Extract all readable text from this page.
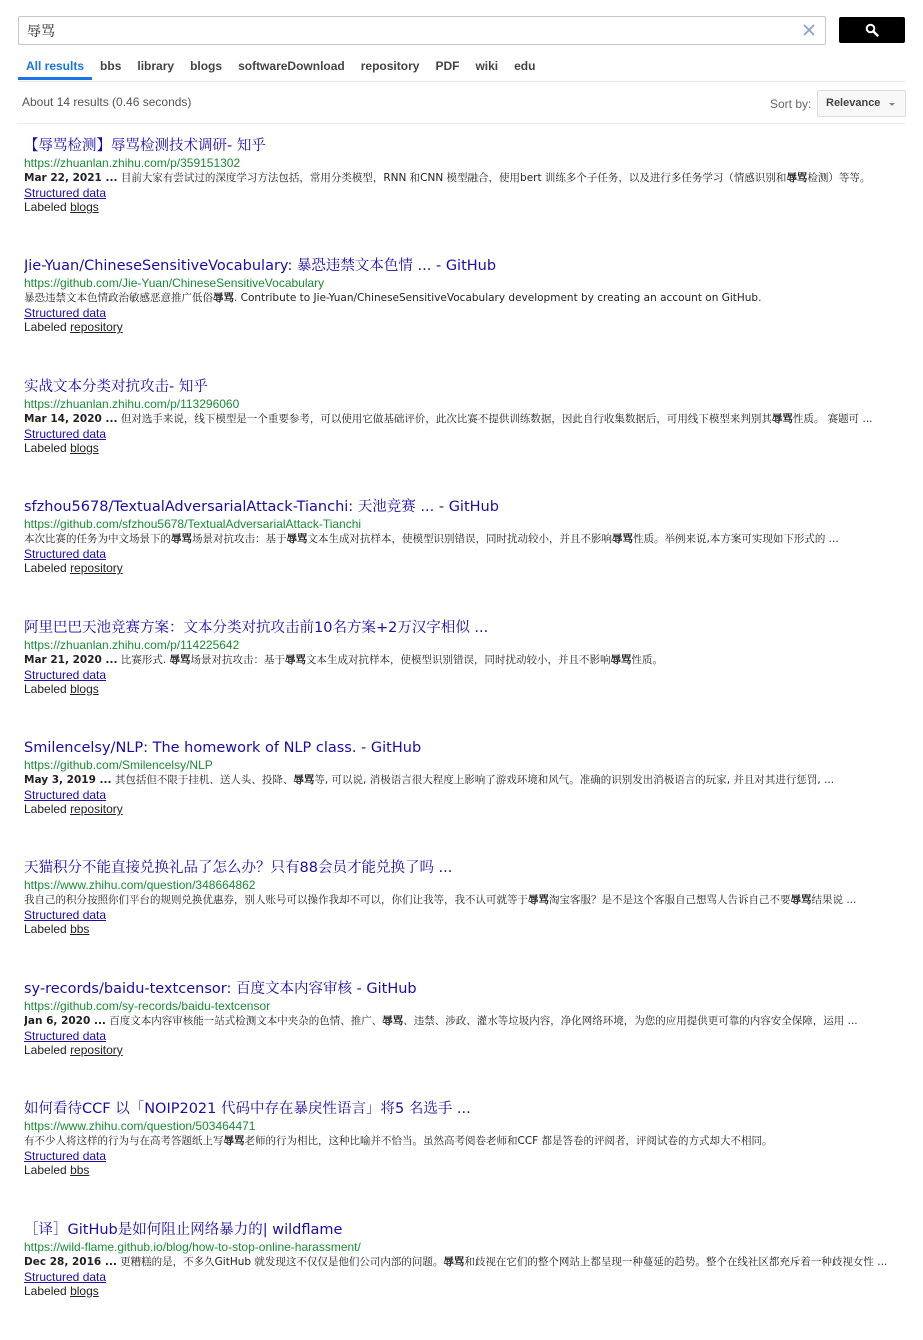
辱骂
All results	bbs	library	blogs	softwareDownload	repository	PDF	wiki	edu
About 14 results (0.46 seconds)	Sort by:	Relevance
【辱骂检测】辱骂检测技术调研- 知乎
https://zhuanlan.zhihu.com/p/359151302
Mar 22, 2021 ... 目前大家有尝试过的深度学习方法包括，常用分类模型，RNN 和CNN 模型融合，使用bert 训练多个子任务，以及进行多任务学习（情感识别和辱骂检测）等等。
Structured data
Labeled blogs
Jie-Yuan/ChineseSensitiveVocabulary: 暴恐违禁文本色情 ... - GitHub
https://github.com/Jie-Yuan/ChineseSensitiveVocabulary
暴恐违禁文本色情政治敏感恶意推广低俗辱骂. Contribute to Jie-Yuan/ChineseSensitiveVocabulary development by creating an account on GitHub.
Structured data
Labeled repository
实战文本分类对抗攻击- 知乎
https://zhuanlan.zhihu.com/p/113296060
Mar 14, 2020 ... 但对选手来说，线下模型是一个重要参考，可以使用它做基础评价，此次比赛不提供训练数据，因此自行收集数据后，可用线下模型来判别其辱骂性质。 赛题可 ...
Structured data
Labeled blogs
sfzhou5678/TextualAdversarialAttack-Tianchi: 天池竞赛 ... - GitHub
https://github.com/sfzhou5678/TextualAdversarialAttack-Tianchi
本次比赛的任务为中文场景下的辱骂场景对抗攻击：基于辱骂文本生成对抗样本，使模型识别错误，同时扰动较小，并且不影响辱骂性质。举例来说,本方案可实现如下形式的 ...
Structured data
Labeled repository
阿里巴巴天池竞赛方案：文本分类对抗攻击前10名方案+2万汉字相似 ...
https://zhuanlan.zhihu.com/p/114225642
Mar 21, 2020 ... 比赛形式. 辱骂场景对抗攻击：基于辱骂文本生成对抗样本，使模型识别错误，同时扰动较小，并且不影响辱骂性质。
Structured data
Labeled blogs
Smilencelsy/NLP: The homework of NLP class. - GitHub
https://github.com/Smilencelsy/NLP
May 3, 2019 ... 其包括但不限于挂机、送人头、投降、辱骂等, 可以说, 消极语言很大程度上影响了游戏环境和风气。准确的识别发出消极语言的玩家, 并且对其进行惩罚, ...
Structured data
Labeled repository
天猫积分不能直接兑换礼品了怎么办？只有88会员才能兑换了吗 ...
https://www.zhihu.com/question/348664862
我自己的积分按照你们平台的规则兑换优惠券，别人账号可以操作我却不可以，你们让我等，我不认可就等于辱骂淘宝客服？是不是这个客服自己想骂人告诉自己不要辱骂结果说 ...
Structured data
Labeled bbs
sy-records/baidu-textcensor: 百度文本内容审核 - GitHub
https://github.com/sy-records/baidu-textcensor
Jan 6, 2020 ... 百度文本内容审核能一站式检测文本中夹杂的色情、推广、辱骂、违禁、涉政、灌水等垃圾内容，净化网络环境，为您的应用提供更可靠的内容安全保障，运用 ...
Structured data
Labeled repository
如何看待CCF 以「NOIP2021 代码中存在暴戾性语言」将5 名选手 ...
https://www.zhihu.com/question/503464471
有不少人将这样的行为与在高考答题纸上写辱骂老师的行为相比，这种比喻并不恰当。虽然高考阅卷老师和CCF 都是答卷的评阅者，评阅试卷的方式却大不相同。
Structured data
Labeled bbs
［译］GitHub是如何阻止网络暴力的| wildflame
https://wild-flame.github.io/blog/how-to-stop-online-harassment/
Dec 28, 2016 ... 更糟糕的是，不多久GitHub 就发现这不仅仅是他们公司内部的问题。辱骂和歧视在它们的整个网站上都呈现一种蔓延的趋势。整个在线社区都充斥着一种歧视女性 ...
Structured data
Labeled blogs
